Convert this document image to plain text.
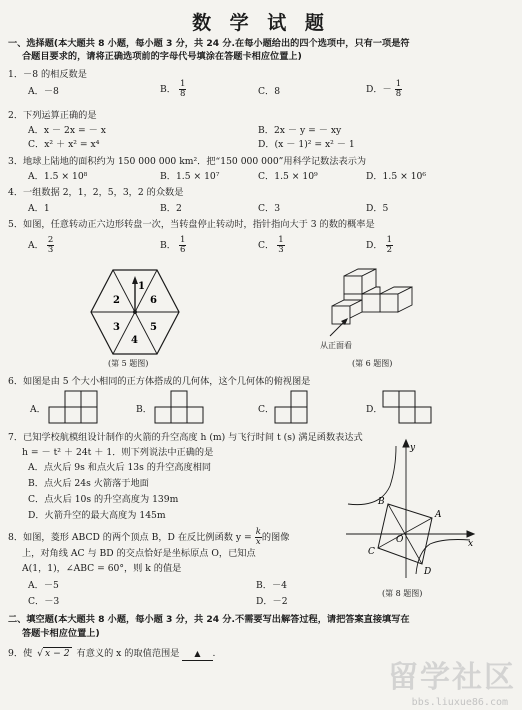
数 学 试 题
一、选择题(本大题共 8 小题，每小题 3 分，共 24 分.在每小题给出的四个选项中，只有一项是符
合题目要求的，请将正确选项前的字母代号填涂在答题卡相应位置上)
1．－8 的相反数是
A．－8	B． $\frac{1}{8}$	C．8	D．－ $\frac{1}{8}$
2．下列运算正确的是
A．x － 2x = － x	B．2x － y = － xy
C．x² ＋ x² = x⁴	D．(x － 1)² = x² － 1
3．地球上陆地的面积约为 150 000 000 km²．把“150 000 000”用科学记数法表示为
A．1.5 × 10⁸	B．1.5 × 10⁷	C．1.5 × 10⁹	D．1.5 × 10⁶
4．一组数据 2，1，2，5，3，2 的众数是
A．1	B．2	C．3	D．5
5．如图，任意转动正六边形转盘一次，当转盘停止转动时，指针指向大于 3 的数的概率是
A． $\frac{2}{3}$	B． $\frac{1}{6}$	C． $\frac{1}{3}$	D． $\frac{1}{2}$
1
6
5
4
3
2
(第 5 题图)
从正面看
(第 6 题图)
6．如图是由 5 个大小相同的正方体搭成的几何体，这个几何体的俯视图是
A．	B．	C．	D．
7．已知学校航模组设计制作的火箭的升空高度 h (m) 与飞行时间 t (s) 满足函数表达式
h = － t² ＋ 24t ＋ 1．则下列说法中正确的是
A．点火后 9s 和点火后 13s 的升空高度相同
B．点火后 24s 火箭落于地面
C．点火后 10s 的升空高度为 139m
D．火箭升空的最大高度为 145m
8．如图，菱形 ABCD 的两个顶点 B，D 在反比例函数 $y = \frac{k}{x}$ 的图像
上，对角线 AC 与 BD 的交点恰好是坐标原点 O，已知点
A(1，1)，∠ABC = 60°，则 k 的值是
A．－5	B．－4
C．－3	D．－2
y
x
O
A
B
C
D
(第 8 题图)
二、填空题(本大题共 8 小题，每小题 3 分，共 24 分.不需要写出解答过程，请把答案直接填写在
答题卡相应位置上)
9．使 √ x − 2 有意义的 x 的取值范围是 ▲ .
留学社区
bbs.liuxue86.com
